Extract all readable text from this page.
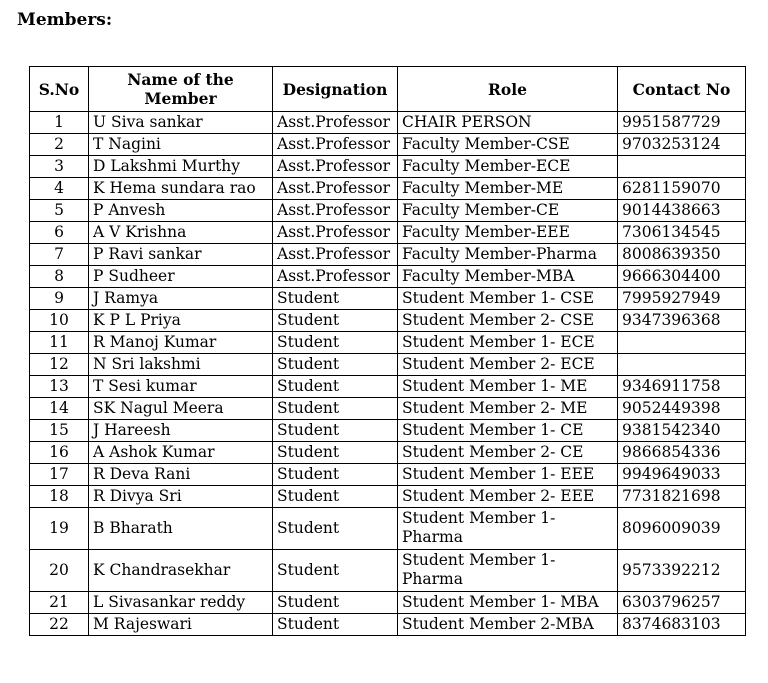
Members:
S.No	Name of the Member	Designation	Role	Contact No
1	U Siva sankar	Asst.Professor	CHAIR PERSON	9951587729
2	T Nagini	Asst.Professor	Faculty Member-CSE	9703253124
3	D Lakshmi Murthy	Asst.Professor	Faculty Member-ECE	
4	K Hema sundara rao	Asst.Professor	Faculty Member-ME	6281159070
5	P Anvesh	Asst.Professor	Faculty Member-CE	9014438663
6	A V Krishna	Asst.Professor	Faculty Member-EEE	7306134545
7	P Ravi sankar	Asst.Professor	Faculty Member-Pharma	8008639350
8	P Sudheer	Asst.Professor	Faculty Member-MBA	9666304400
9	J Ramya	Student	Student Member 1- CSE	7995927949
10	K P L Priya	Student	Student Member 2- CSE	9347396368
11	R Manoj Kumar	Student	Student Member 1- ECE	
12	N Sri lakshmi	Student	Student Member 2- ECE	
13	T Sesi kumar	Student	Student Member 1- ME	9346911758
14	SK Nagul Meera	Student	Student Member 2- ME	9052449398
15	J Hareesh	Student	Student Member 1- CE	9381542340
16	A Ashok Kumar	Student	Student Member 2- CE	9866854336
17	R Deva Rani	Student	Student Member 1- EEE	9949649033
18	R Divya Sri	Student	Student Member 2- EEE	7731821698
19	B Bharath	Student	Student Member 1- Pharma	8096009039
20	K Chandrasekhar	Student	Student Member 1- Pharma	9573392212
21	L Sivasankar reddy	Student	Student Member 1- MBA	6303796257
22	M Rajeswari	Student	Student Member 2-MBA	8374683103
